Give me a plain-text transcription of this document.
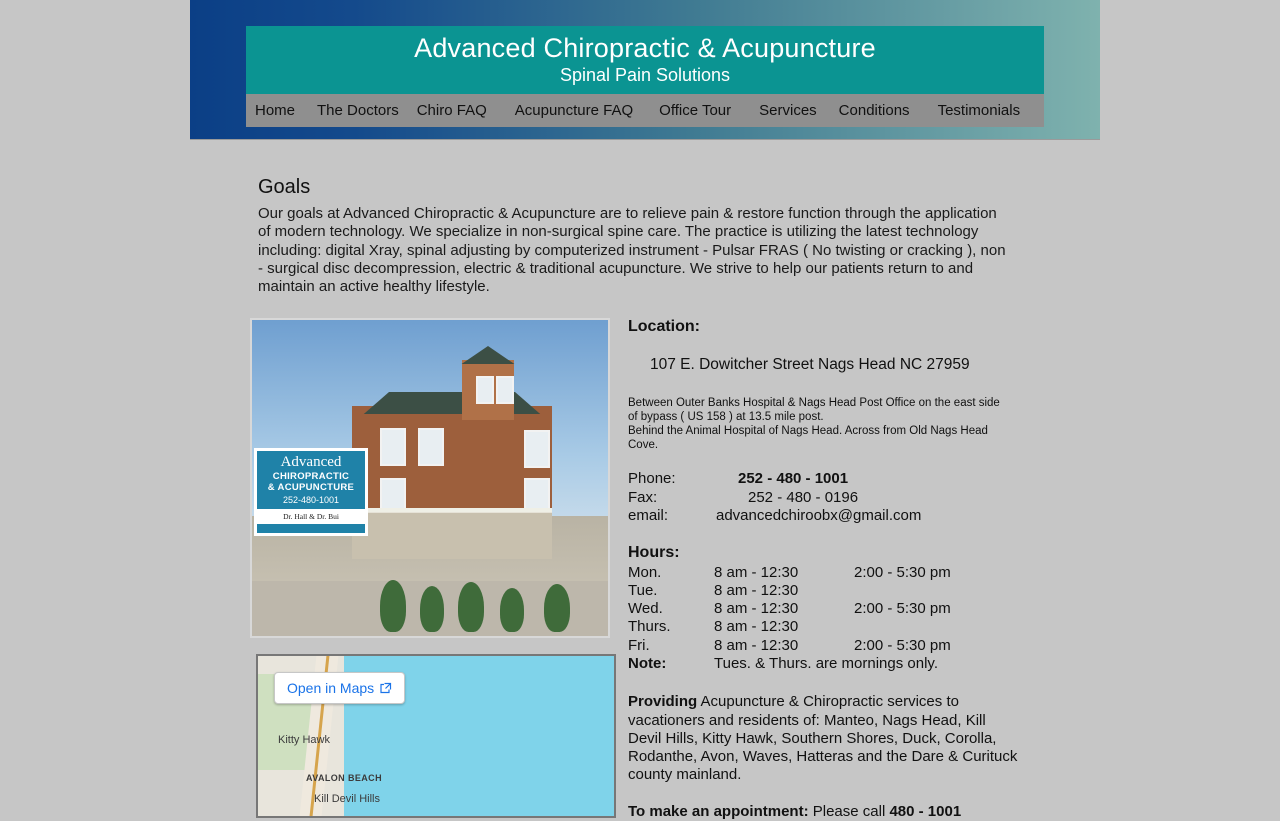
Advanced Chiropractic & Acupuncture
Spinal Pain Solutions
Home	The Doctors	Chiro FAQ	Acupuncture FAQ	Office Tour	Services	Conditions	Testimonials
Goals

Our goals at Advanced Chiropractic & Acupuncture are to relieve pain & restore function through the application of modern technology. We specialize in non-surgical spine care. The practice is utilizing the latest technology including: digital Xray, spinal adjusting by computerized instrument - Pulsar FRAS ( No twisting or cracking ), non - surgical disc decompression, electric & traditional acupuncture. We strive to help our patients return to and maintain an active healthy lifestyle.

Advanced
CHIROPRACTIC
& ACUPUNCTURE
252-480-1001
Dr. Hall & Dr. Bui
Kitty Hawk
AVALON BEACH
Kill Devil Hills
Open in Maps
Location:
107 E. Dowitcher Street Nags Head NC 27959
Between Outer Banks Hospital & Nags Head Post Office on the east side
of bypass ( US 158 ) at 13.5 mile post.
Behind the Animal Hospital of Nags Head. Across from Old Nags Head
Cove.
Phone:	252 - 480 - 1001
Fax:	252 - 480 - 0196
email:	advancedchiroobx@gmail.com
Hours:
Mon.	8 am - 12:30	2:00 - 5:30 pm
Tue.	8 am - 12:30	
Wed.	8 am - 12:30	2:00 - 5:30 pm
Thurs.	8 am - 12:30	
Fri.	8 am - 12:30	2:00 - 5:30 pm
Note:	Tues. & Thurs. are mornings only.	
Providing Acupuncture & Chiropractic services to vacationers and residents of: Manteo, Nags Head, Kill Devil Hills, Kitty Hawk, Southern Shores, Duck, Corolla, Rodanthe, Avon, Waves, Hatteras and the Dare & Curituck county mainland.
To make an appointment: Please call 480 - 1001
